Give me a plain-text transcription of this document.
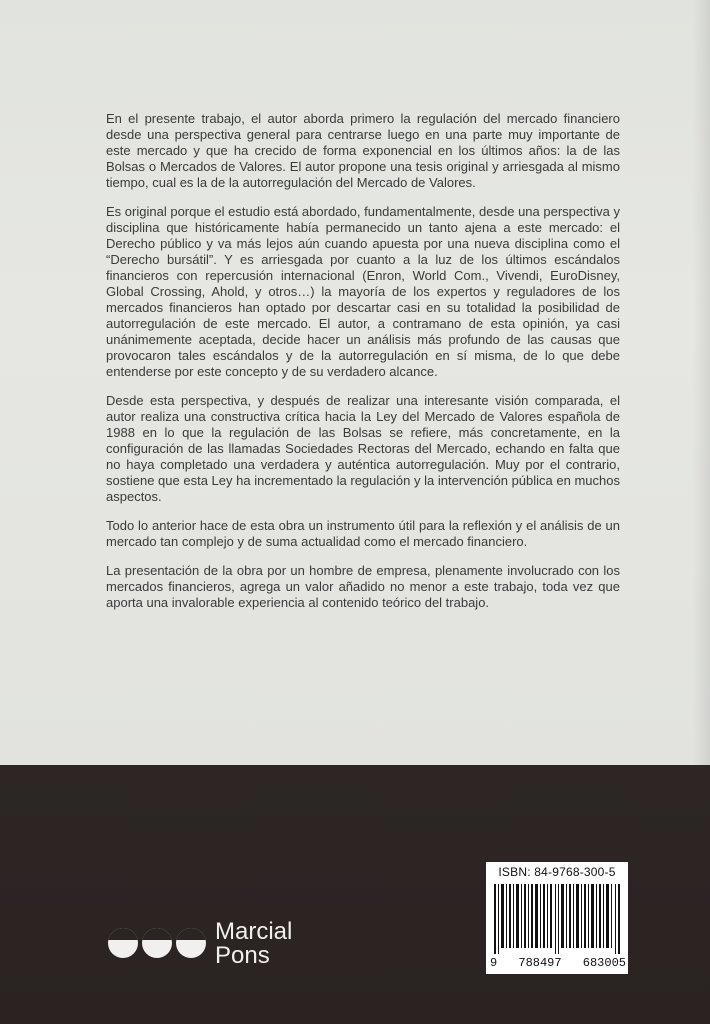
En el presente trabajo, el autor aborda primero la regulación del mercado financiero desde una perspectiva general para centrarse luego en una parte muy importante de este mercado y que ha crecido de forma exponencial en los últimos años: la de las Bolsas o Mercados de Valores. El autor propone una tesis original y arriesgada al mismo tiempo, cual es la de la autorregulación del Mercado de Valores.

Es original porque el estudio está abordado, fundamentalmente, desde una perspectiva y disciplina que históricamente había permanecido un tanto ajena a este mercado: el Derecho público y va más lejos aún cuando apuesta por una nueva disciplina como el “Derecho bursátil”. Y es arriesgada por cuanto a la luz de los últimos escándalos financieros con repercusión internacional (Enron, World Com., Vivendi, EuroDisney, Global Crossing, Ahold, y otros…) la mayoría de los expertos y reguladores de los mercados financieros han optado por descartar casi en su totalidad la posibilidad de autorregulación de este mercado. El autor, a contramano de esta opinión, ya casi unánimemente aceptada, decide hacer un análisis más profundo de las causas que provocaron tales escándalos y de la autorregulación en sí misma, de lo que debe entenderse por este concepto y de su verdadero alcance.

Desde esta perspectiva, y después de realizar una interesante visión comparada, el autor realiza una constructiva crítica hacia la Ley del Mercado de Valores española de 1988 en lo que la regulación de las Bolsas se refiere, más concretamente, en la configuración de las llamadas Sociedades Rectoras del Mercado, echando en falta que no haya completado una verdadera y auténtica autorregulación. Muy por el contrario, sostiene que esta Ley ha incrementado la regulación y la intervención pública en muchos aspectos.

Todo lo anterior hace de esta obra un instrumento útil para la reflexión y el análisis de un mercado tan complejo y de suma actualidad como el mercado financiero.

La presentación de la obra por un hombre de empresa, plenamente involucrado con los mercados financieros, agrega un valor añadido no menor a este trabajo, toda vez que aporta una invalorable experiencia al contenido teórico del trabajo.

Marcial
Pons
ISBN: 84-9768-300-5
9 788497 683005
